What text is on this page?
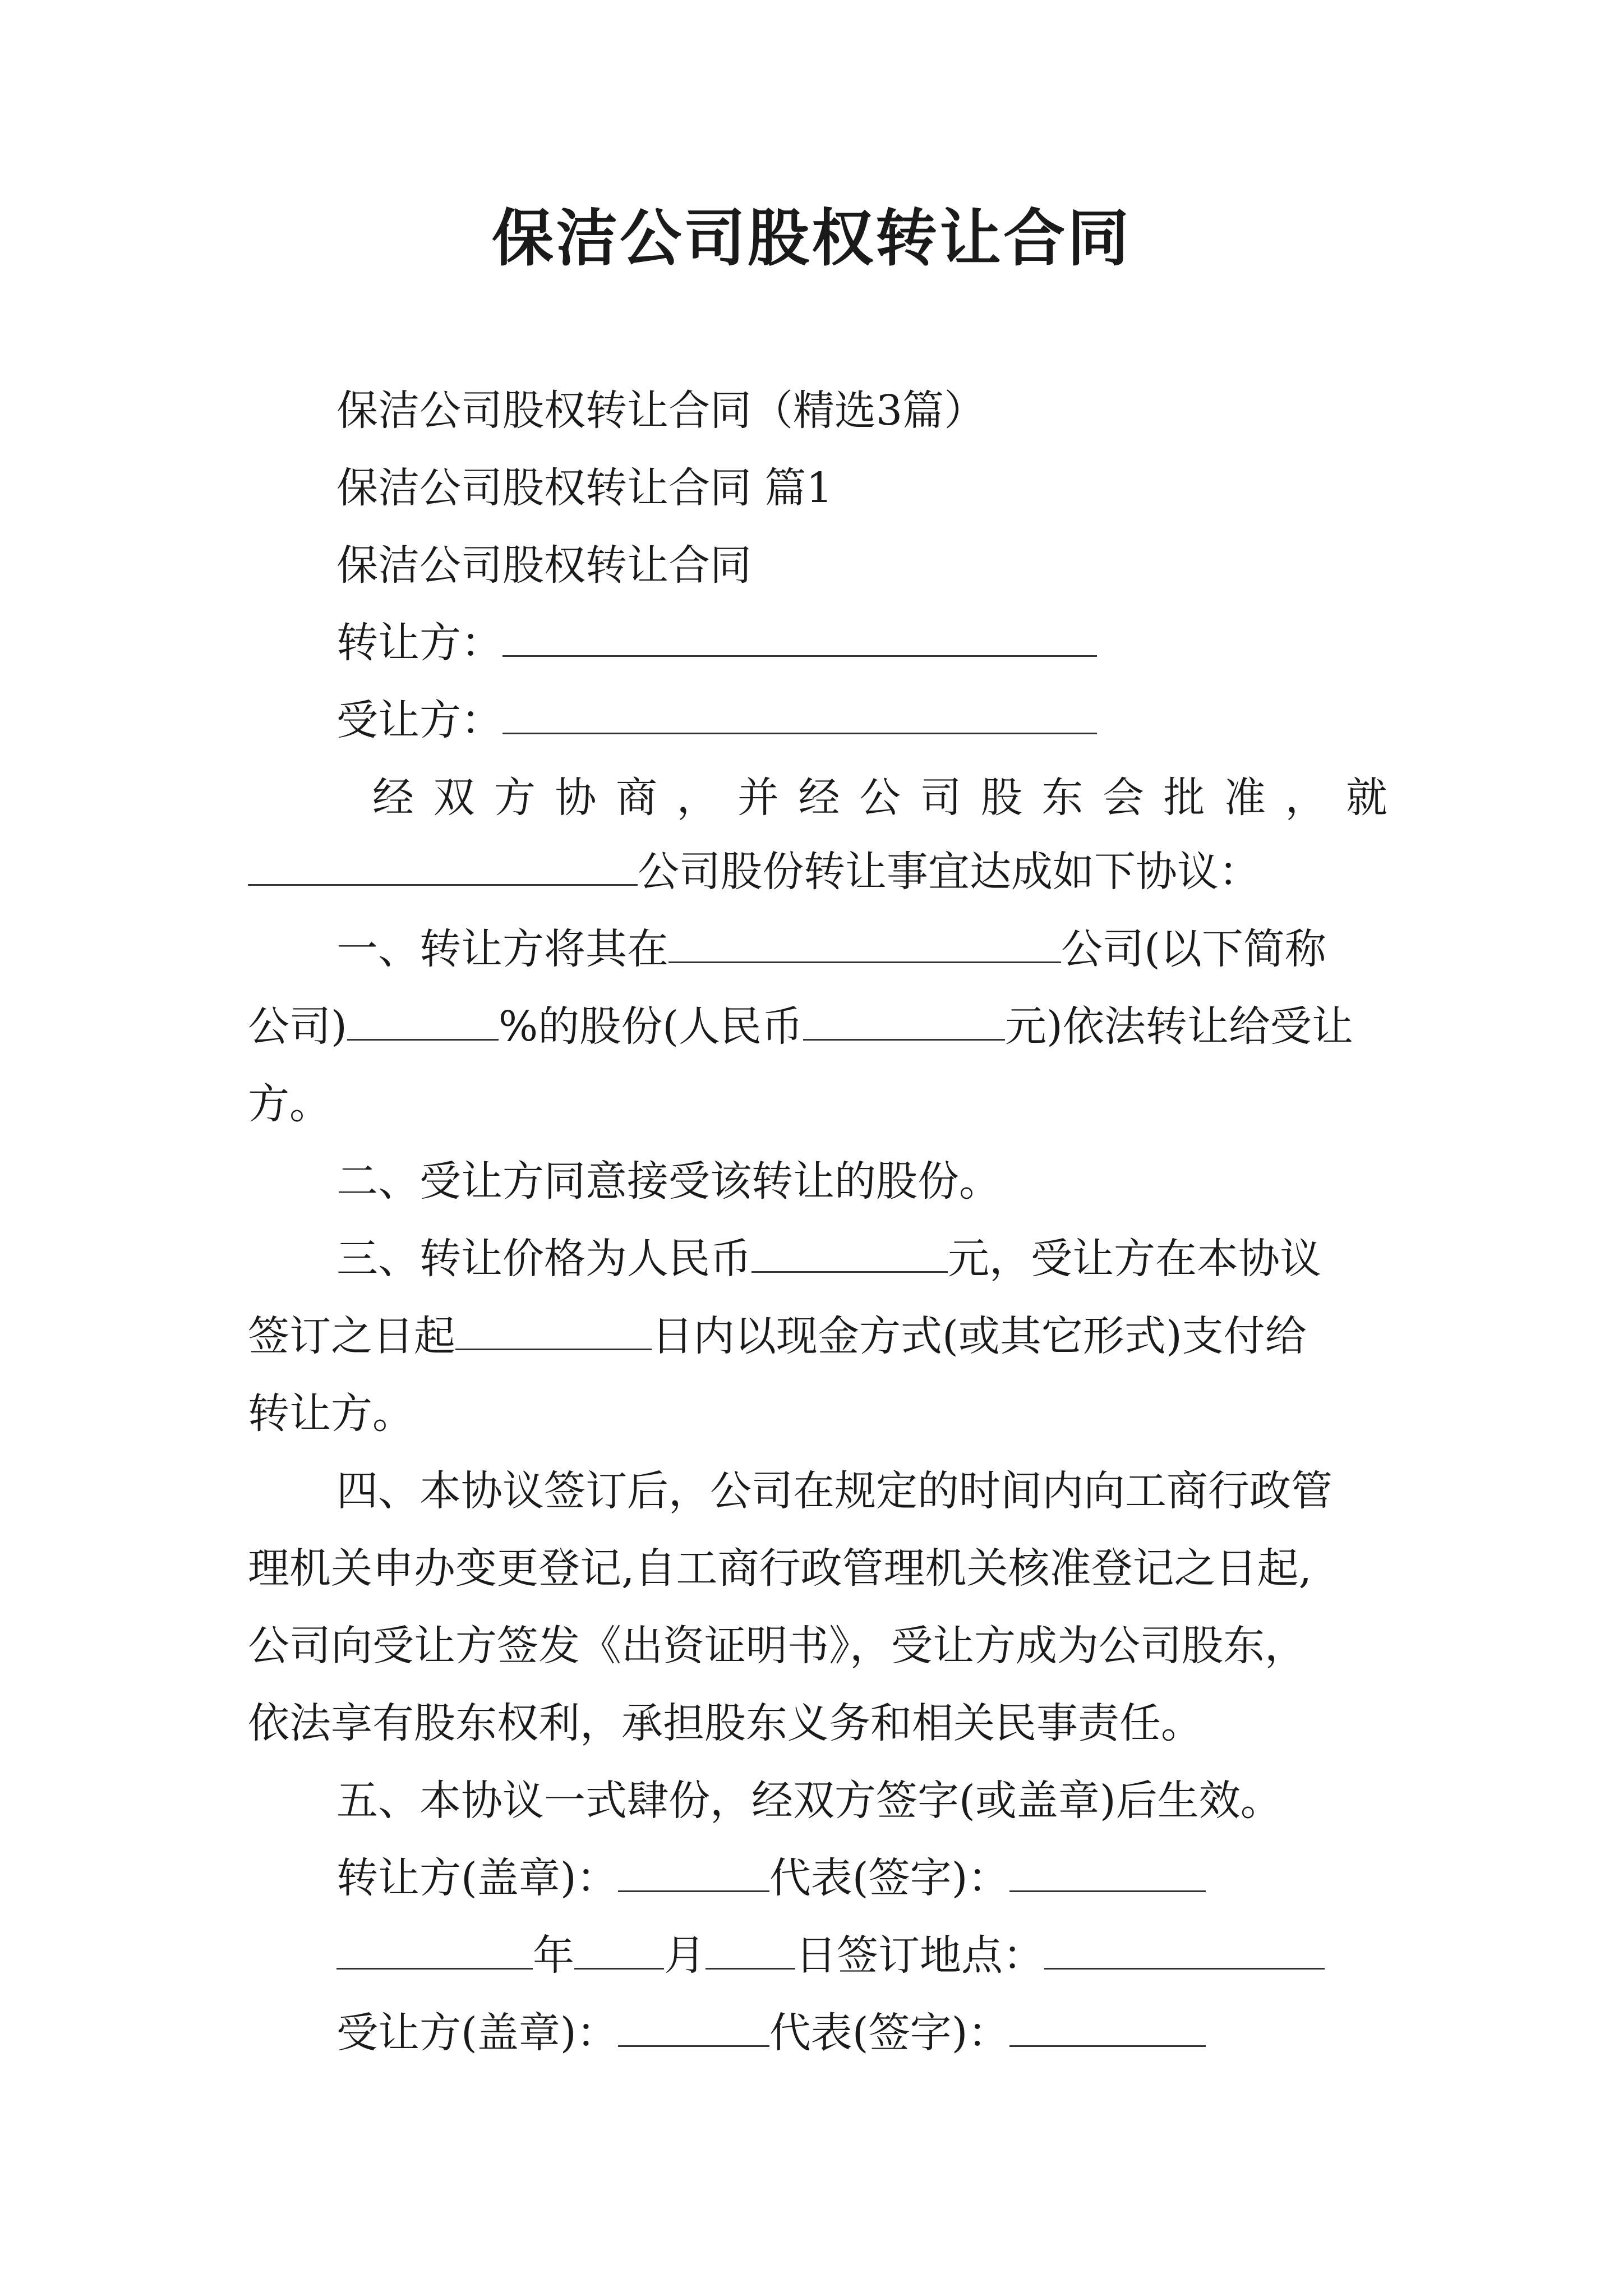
保洁公司股权转让合同
保洁公司股权转让合同（精选3篇）
保洁公司股权转让合同 篇1
保洁公司股权转让合同
转让方：
受让方：
经 双 方 协 商 ， 并 经 公 司 股 东 会 批 准 ， 就
公司股份转让事宜达成如下协议：
一、转让方将其在	公司(以下简称
公司)	%的股份(人民币	元)依法转让给受让
方。
二、受让方同意接受该转让的股份。
三、转让价格为人民币	元，受让方在本协议
签订之日起	日内以现金方式(或其它形式)支付给
转让方。
四、本协议签订后，公司在规定的时间内向工商行政管
理机关申办变更登记,自工商行政管理机关核准登记之日起,
公司向受让方签发《出资证明书》，受让方成为公司股东，
依法享有股东权利，承担股东义务和相关民事责任。
五、本协议一式肆份，经双方签字(或盖章)后生效。
转让方(盖章)：	代表(签字)：
年 月 日签订地点：
受让方(盖章)：	代表(签字)：
